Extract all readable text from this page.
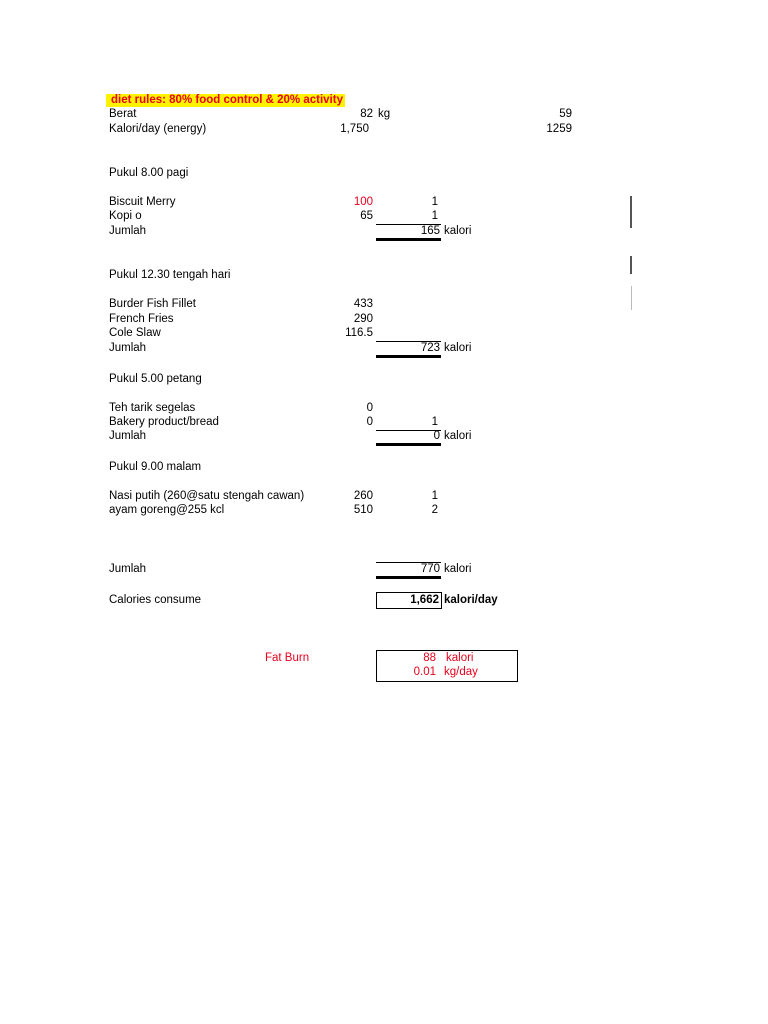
diet rules: 80% food control & 20% activity
Berat	82 kg	59
Kalori/day (energy)	1,750	1259
Pukul 8.00 pagi
Biscuit Merry	100	1
Kopi o	65	1
Jumlah	165 kalori
Pukul 12.30 tengah hari
Burder Fish Fillet	433
French Fries	290
Cole Slaw	116.5
Jumlah	723 kalori
Pukul 5.00 petang
Teh tarik segelas	0
Bakery product/bread	0	1
Jumlah	0 kalori
Pukul 9.00 malam
Nasi putih (260@satu stengah cawan)	260	1
ayam goreng@255 kcl	510	2
Jumlah	770 kalori
Calories consume	1,662 kalori/day
Fat Burn	88 kalori
0.01 kg/day
